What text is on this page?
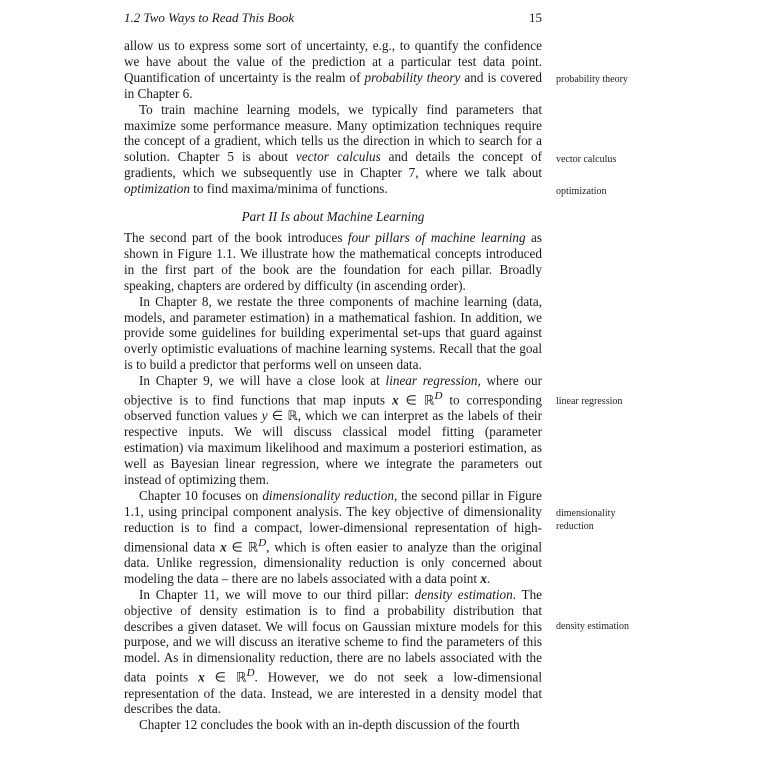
1.2 Two Ways to Read This Book	15

allow us to express some sort of uncertainty, e.g., to quantify the confidence we have about the value of the prediction at a particular test data point. Quantification of uncertainty is the realm of probability theory and is covered in Chapter 6.

To train machine learning models, we typically find parameters that maximize some performance measure. Many optimization techniques require the concept of a gradient, which tells us the direction in which to search for a solution. Chapter 5 is about vector calculus and details the concept of gradients, which we subsequently use in Chapter 7, where we talk about optimization to find maxima/minima of functions.

Part II Is about Machine Learning

The second part of the book introduces four pillars of machine learning as shown in Figure 1.1. We illustrate how the mathematical concepts introduced in the first part of the book are the foundation for each pillar. Broadly speaking, chapters are ordered by difficulty (in ascending order).

In Chapter 8, we restate the three components of machine learning (data, models, and parameter estimation) in a mathematical fashion. In addition, we provide some guidelines for building experimental set-ups that guard against overly optimistic evaluations of machine learning systems. Recall that the goal is to build a predictor that performs well on unseen data.

In Chapter 9, we will have a close look at linear regression, where our objective is to find functions that map inputs x ∈ ℝ$^D$ to corresponding observed function values y ∈ ℝ, which we can interpret as the labels of their respective inputs. We will discuss classical model fitting (parameter estimation) via maximum likelihood and maximum a posteriori estimation, as well as Bayesian linear regression, where we integrate the parameters out instead of optimizing them.

Chapter 10 focuses on dimensionality reduction, the second pillar in Figure 1.1, using principal component analysis. The key objective of dimensionality reduction is to find a compact, lower-dimensional representation of high-dimensional data x ∈ ℝ$^D$, which is often easier to analyze than the original data. Unlike regression, dimensionality reduction is only concerned about modeling the data – there are no labels associated with a data point x.

In Chapter 11, we will move to our third pillar: density estimation. The objective of density estimation is to find a probability distribution that describes a given dataset. We will focus on Gaussian mixture models for this purpose, and we will discuss an iterative scheme to find the parameters of this model. As in dimensionality reduction, there are no labels associated with the data points x ∈ ℝ$^D$. However, we do not seek a low-dimensional representation of the data. Instead, we are interested in a density model that describes the data.

Chapter 12 concludes the book with an in-depth discussion of the fourth

probability theory
vector calculus
optimization
linear regression
dimensionality reduction
density estimation
